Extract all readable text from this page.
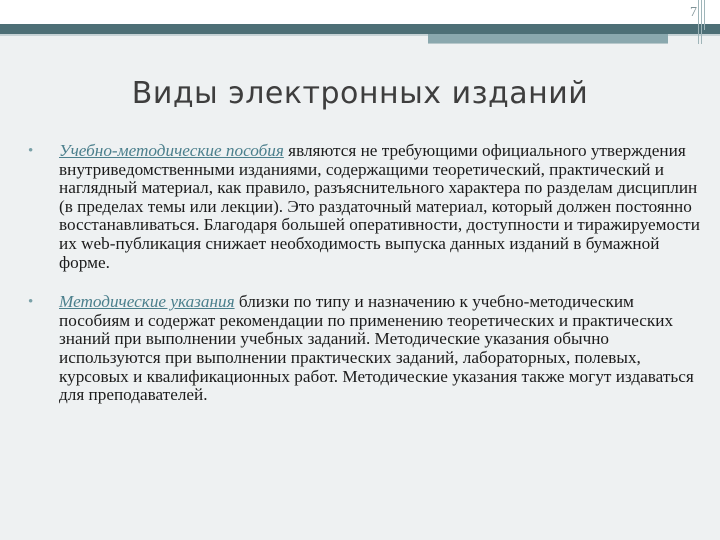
7
Виды электронных изданий
• Учебно-методические пособия являются не требующими официального утверждения внутриведомственными изданиями, содержащими теоретический, практический и наглядный материал, как правило, разъяснительного характера по разделам дисциплин (в пределах темы или лекции). Это раздаточный материал, который должен постоянно восстанавливаться. Благодаря большей оперативности, доступности и тиражируемости их web-публикация снижает необходимость выпуска данных изданий в бумажной форме.
• Методические указания близки по типу и назначению к учебно-методическим пособиям и содержат рекомендации по применению теоретических и практических знаний при выполнении учебных заданий. Методические указания обычно используются при выполнении практических заданий, лабораторных, полевых, курсовых и квалификационных работ. Методические указания также могут издаваться для преподавателей.
